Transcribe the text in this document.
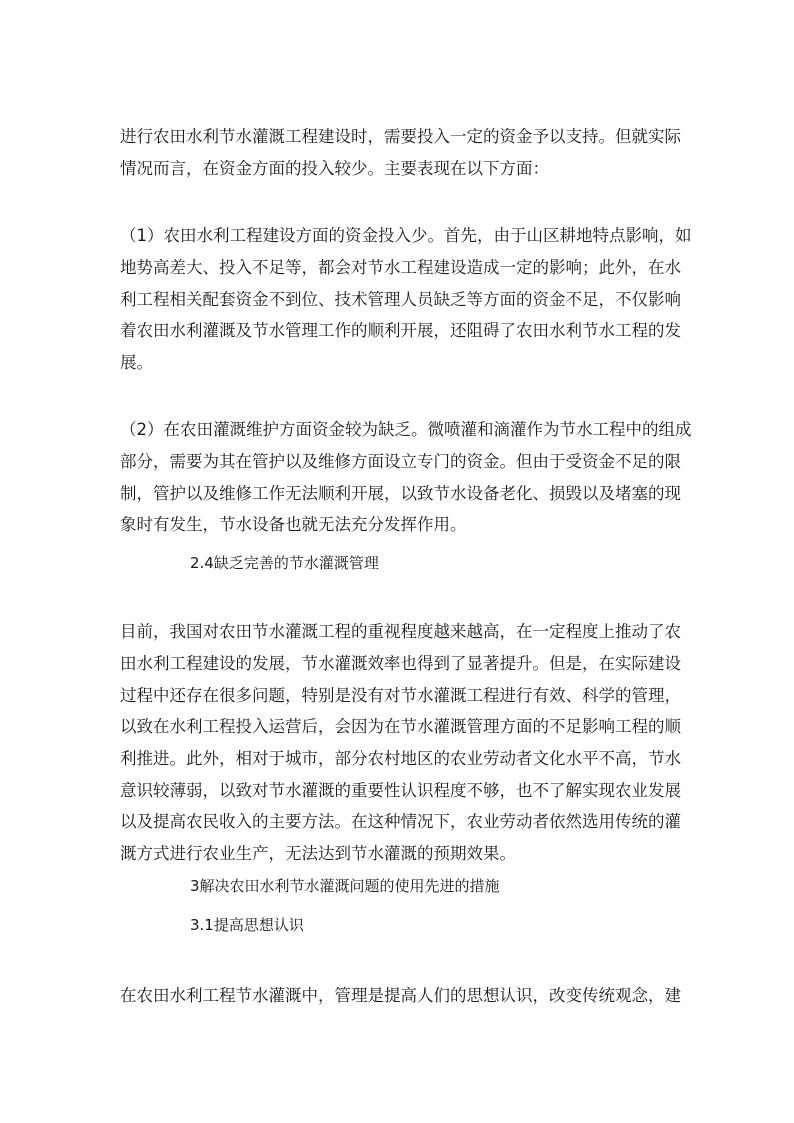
进行农田水利节水灌溉工程建设时，需要投入一定的资金予以支持。但就实际
情况而言，在资金方面的投入较少。主要表现在以下方面：
（1）农田水利工程建设方面的资金投入少。首先，由于山区耕地特点影响，如
地势高差大、投入不足等，都会对节水工程建设造成一定的影响；此外，在水
利工程相关配套资金不到位、技术管理人员缺乏等方面的资金不足，不仅影响
着农田水利灌溉及节水管理工作的顺利开展，还阻碍了农田水利节水工程的发
展。
（2）在农田灌溉维护方面资金较为缺乏。微喷灌和滴灌作为节水工程中的组成
部分，需要为其在管护以及维修方面设立专门的资金。但由于受资金不足的限
制，管护以及维修工作无法顺利开展，以致节水设备老化、损毁以及堵塞的现
象时有发生，节水设备也就无法充分发挥作用。
2.4缺乏完善的节水灌溉管理
目前，我国对农田节水灌溉工程的重视程度越来越高，在一定程度上推动了农
田水利工程建设的发展，节水灌溉效率也得到了显著提升。但是，在实际建设
过程中还存在很多问题，特别是没有对节水灌溉工程进行有效、科学的管理，
以致在水利工程投入运营后，会因为在节水灌溉管理方面的不足影响工程的顺
利推进。此外，相对于城市，部分农村地区的农业劳动者文化水平不高，节水
意识较薄弱，以致对节水灌溉的重要性认识程度不够，也不了解实现农业发展
以及提高农民收入的主要方法。在这种情况下，农业劳动者依然选用传统的灌
溉方式进行农业生产，无法达到节水灌溉的预期效果。
3解决农田水利节水灌溉问题的使用先进的措施
3.1提高思想认识
在农田水利工程节水灌溉中，管理是提高人们的思想认识，改变传统观念，建
